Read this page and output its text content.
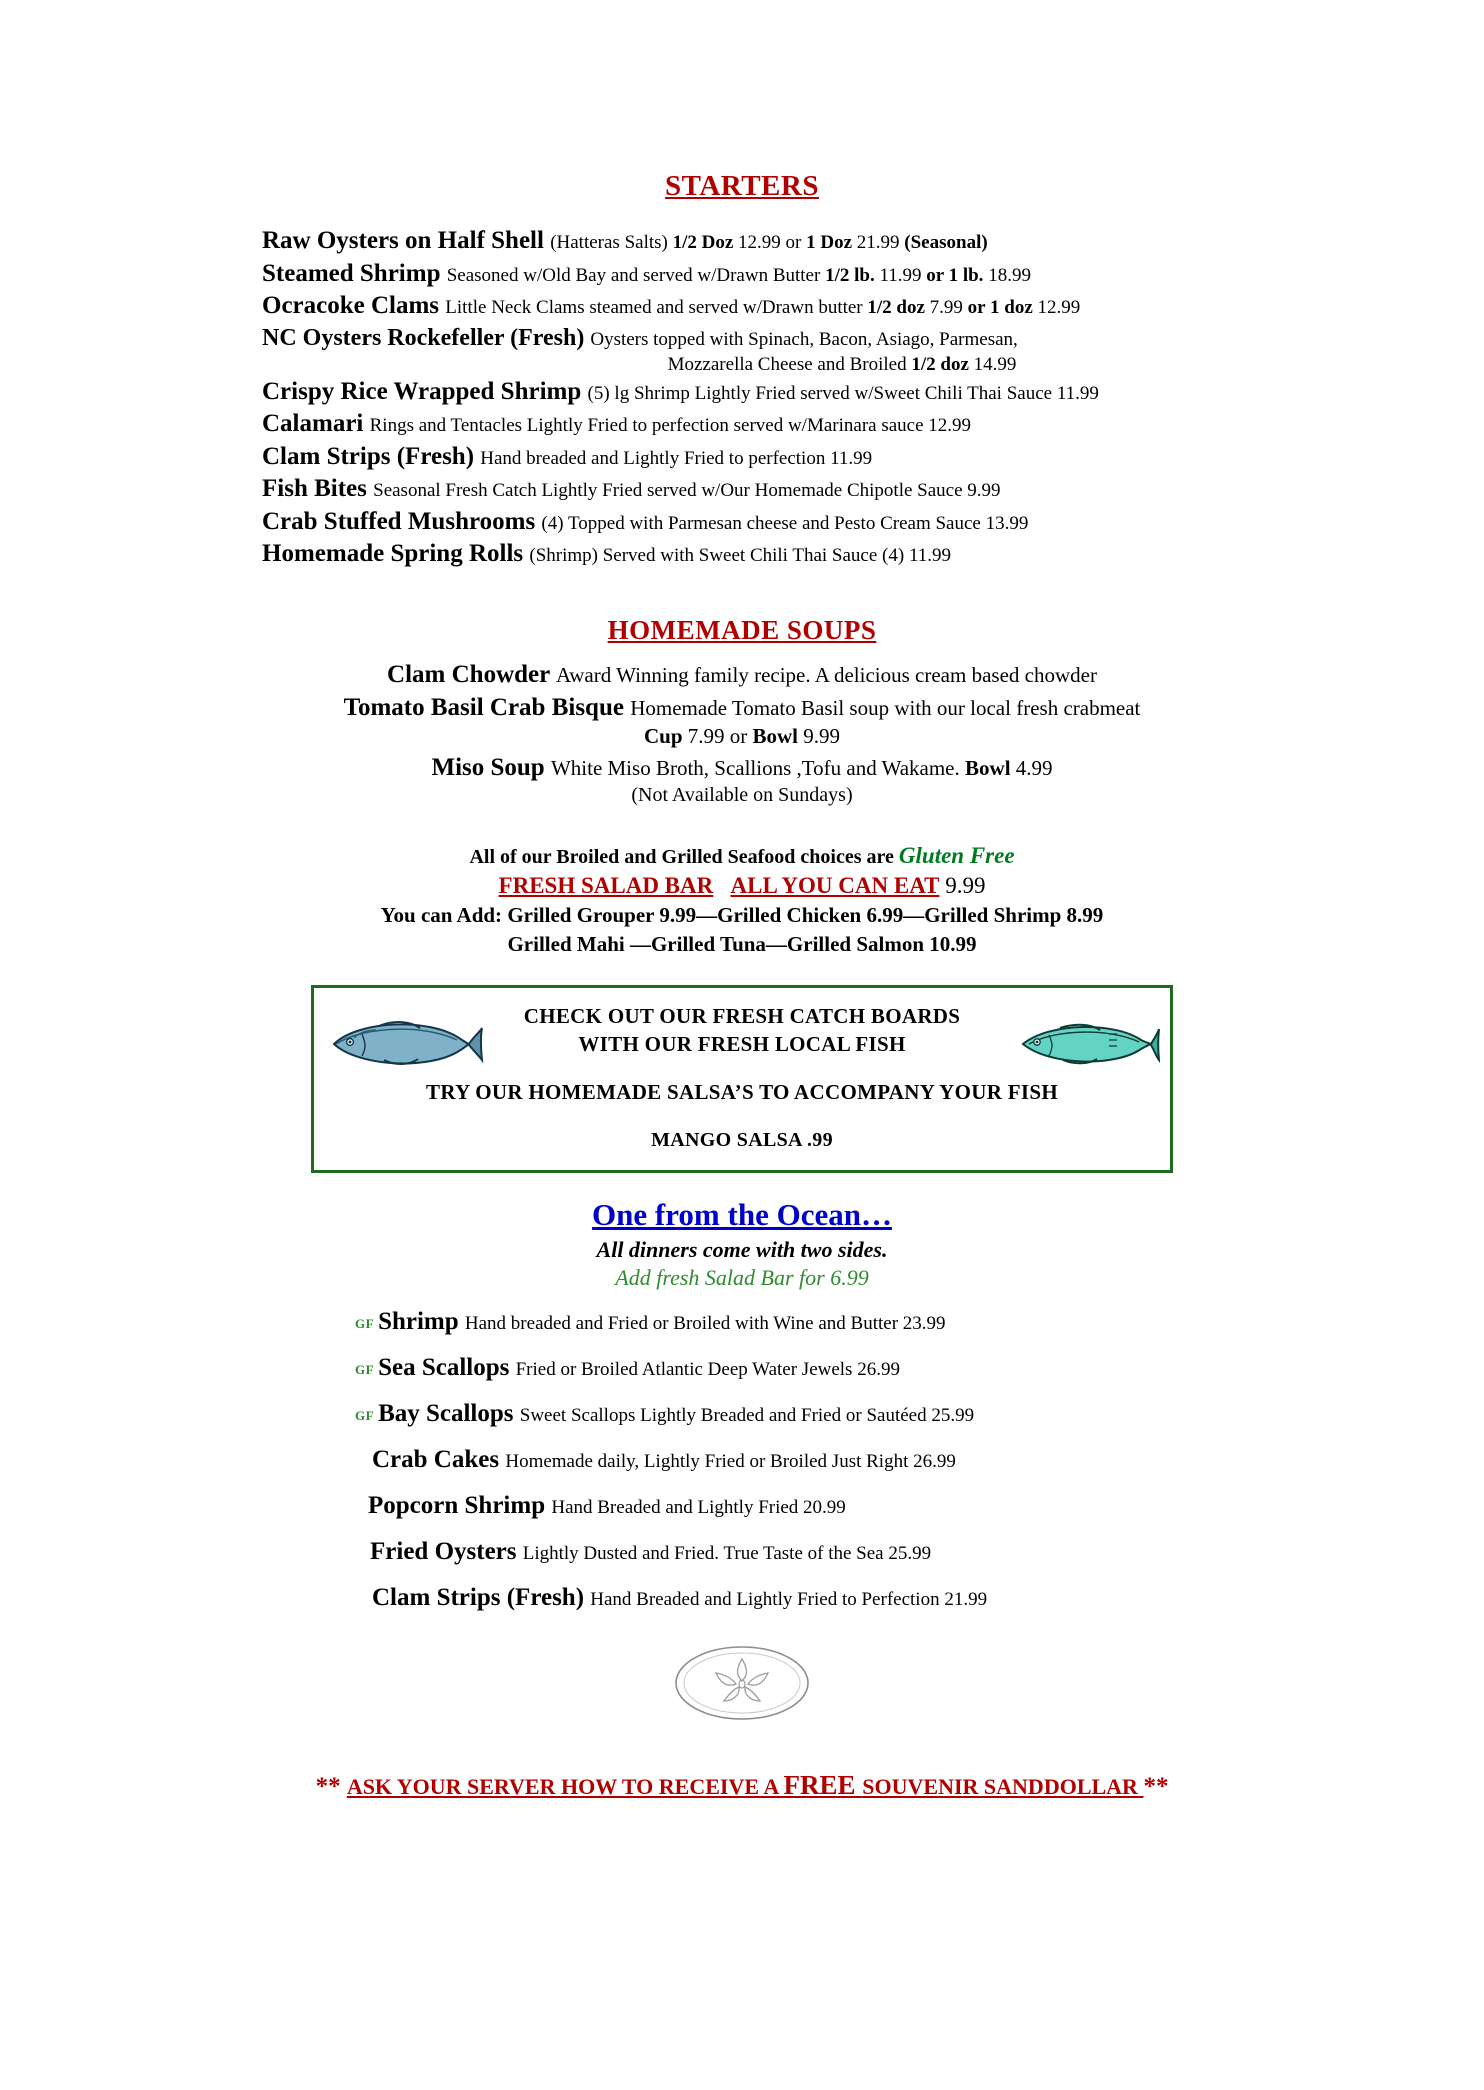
STARTERS
Raw Oysters on Half Shell (Hatteras Salts) 1/2 Doz 12.99 or 1 Doz 21.99 (Seasonal)
Steamed Shrimp Seasoned w/Old Bay and served w/Drawn Butter 1/2 lb. 11.99 or 1 lb. 18.99
Ocracoke Clams Little Neck Clams steamed and served w/Drawn butter 1/2 doz 7.99 or 1 doz 12.99
NC Oysters Rockefeller (Fresh) Oysters topped with Spinach, Bacon, Asiago, Parmesan,
Mozzarella Cheese and Broiled 1/2 doz 14.99
Crispy Rice Wrapped Shrimp (5) lg Shrimp Lightly Fried served w/Sweet Chili Thai Sauce 11.99
Calamari Rings and Tentacles Lightly Fried to perfection served w/Marinara sauce 12.99
Clam Strips (Fresh) Hand breaded and Lightly Fried to perfection 11.99
Fish Bites Seasonal Fresh Catch Lightly Fried served w/Our Homemade Chipotle Sauce 9.99
Crab Stuffed Mushrooms (4) Topped with Parmesan cheese and Pesto Cream Sauce 13.99
Homemade Spring Rolls (Shrimp) Served with Sweet Chili Thai Sauce (4) 11.99
HOMEMADE SOUPS
Clam Chowder Award Winning family recipe. A delicious cream based chowder
Tomato Basil Crab Bisque Homemade Tomato Basil soup with our local fresh crabmeat
Cup 7.99 or Bowl 9.99
Miso Soup White Miso Broth, Scallions ,Tofu and Wakame. Bowl 4.99
(Not Available on Sundays)
All of our Broiled and Grilled Seafood choices are Gluten Free
FRESH SALAD BAR ALL YOU CAN EAT 9.99
You can Add: Grilled Grouper 9.99—Grilled Chicken 6.99—Grilled Shrimp 8.99
Grilled Mahi —Grilled Tuna—Grilled Salmon 10.99
CHECK OUT OUR FRESH CATCH BOARDS
WITH OUR FRESH LOCAL FISH
TRY OUR HOMEMADE SALSA’S TO ACCOMPANY YOUR FISH
MANGO SALSA .99
One from the Ocean…
All dinners come with two sides.
Add fresh Salad Bar for 6.99
GF Shrimp Hand breaded and Fried or Broiled with Wine and Butter 23.99
GF Sea Scallops Fried or Broiled Atlantic Deep Water Jewels 26.99
GF Bay Scallops Sweet Scallops Lightly Breaded and Fried or Sautéed 25.99
Crab Cakes Homemade daily, Lightly Fried or Broiled Just Right 26.99
Popcorn Shrimp Hand Breaded and Lightly Fried 20.99
Fried Oysters Lightly Dusted and Fried. True Taste of the Sea 25.99
Clam Strips (Fresh) Hand Breaded and Lightly Fried to Perfection 21.99
** ASK YOUR SERVER HOW TO RECEIVE A FREE SOUVENIR SANDDOLLAR **
